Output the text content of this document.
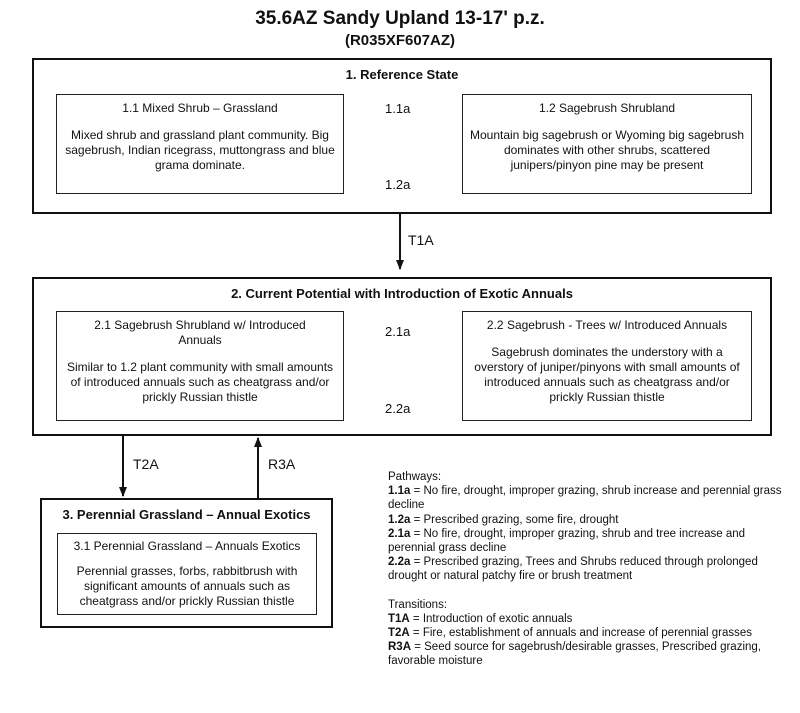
35.6AZ Sandy Upland 13-17' p.z.
(R035XF607AZ)
1. Reference State
1.1 Mixed Shrub – Grassland
Mixed shrub and grassland plant community. Big sagebrush, Indian ricegrass, muttongrass and blue grama dominate.
1.2 Sagebrush Shrubland
Mountain big sagebrush or Wyoming big sagebrush dominates with other shrubs, scattered junipers/pinyon pine may be present
1.1a
1.2a
T1A
2. Current Potential with Introduction of Exotic Annuals
2.1 Sagebrush Shrubland w/ Introduced Annuals
Similar to 1.2 plant community with small amounts of introduced annuals such as cheatgrass and/or prickly Russian thistle
2.2 Sagebrush - Trees w/ Introduced Annuals
Sagebrush dominates the understory with a overstory of juniper/pinyons with small amounts of introduced annuals such as cheatgrass and/or prickly Russian thistle
2.1a
2.2a
T2A	R3A
3. Perennial Grassland – Annual Exotics
3.1 Perennial Grassland – Annuals Exotics
Perennial grasses, forbs, rabbitbrush with significant amounts of annuals such as cheatgrass and/or prickly Russian thistle
Pathways:
1.1a = No fire, drought, improper grazing, shrub increase and perennial grass decline
1.2a = Prescribed grazing, some fire, drought
2.1a = No fire, drought, improper grazing, shrub and tree increase and perennial grass decline
2.2a = Prescribed grazing, Trees and Shrubs reduced through prolonged drought or natural patchy fire or brush treatment
Transitions:
T1A = Introduction of exotic annuals
T2A = Fire, establishment of annuals and increase of perennial grasses
R3A = Seed source for sagebrush/desirable grasses, Prescribed grazing, favorable moisture
